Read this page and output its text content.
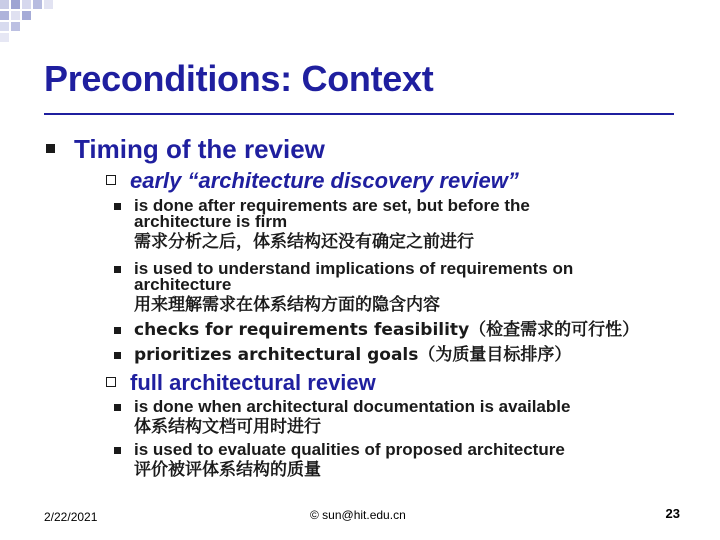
Preconditions: Context
Timing of the review
early “architecture discovery review”
is done after requirements are set, but before the
architecture is firm
需求分析之后，体系结构还没有确定之前进行
is used to understand implications of requirements on
architecture
用来理解需求在体系结构方面的隐含内容
checks for requirements feasibility（检查需求的可行性）
prioritizes architectural goals（为质量目标排序）
full architectural review
is done when architectural documentation is available
体系结构文档可用时进行
is used to evaluate qualities of proposed architecture
评价被评体系结构的质量
2/22/2021	© sun@hit.edu.cn	23
